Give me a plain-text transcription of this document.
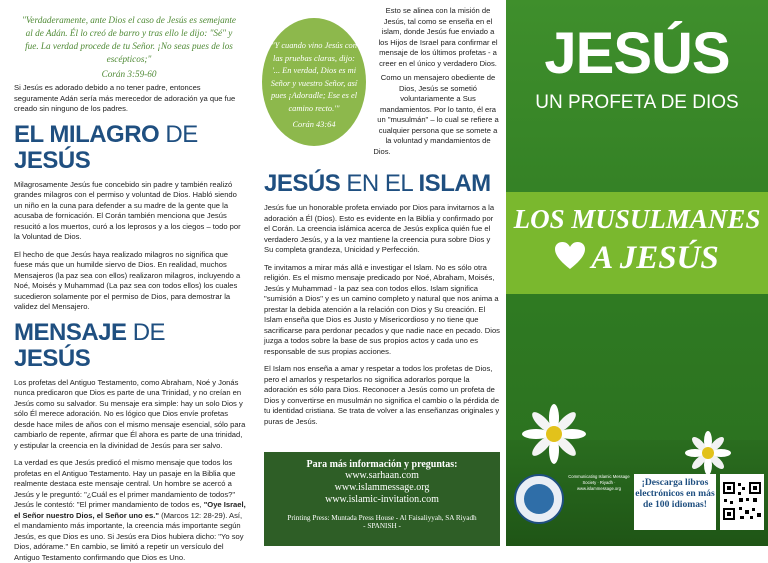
"Verdaderamente, ante Dios el caso de Jesús es semejante al de Adán. Él lo creó de barro y tras ello le dijo: "Sé" y fue. La verdad procede de tu Señor. ¡No seas pues de los escépticos;"
Corán 3:59-60

Si Jesús es adorado debido a no tener padre, entonces seguramente Adán sería más merecedor de adoración ya que fue creado sin ninguno de los padres.

EL MILAGRO DE JESÚS

Milagrosamente Jesús fue concebido sin padre y también realizó grandes milagros con el permiso y voluntad de Dios. Habló siendo un niño en la cuna para defender a su madre de la gente que la acusaba de fornicación. El Corán también menciona que Jesús resucitó a los muertos, curó a los leprosos y a los ciegos – todo por la Voluntad de Dios.

El hecho de que Jesús haya realizado milagros no significa que fuese más que un humilde siervo de Dios. En realidad, muchos Mensajeros (la paz sea con ellos) realizaron milagros, incluyendo a Noé, Moisés y Muhammad (La paz sea con todos ellos) los cuales sucedieron solamente por el permiso de Dios, para demostrar la validez del Mensajero.

MENSAJE DE JESÚS

Los profetas del Antiguo Testamento, como Abraham, Noé y Jonás nunca predicaron que Dios es parte de una Trinidad, y no creían en Jesús como su salvador. Su mensaje era simple: hay un solo Dios y sólo Él merece adoración. No es lógico que Dios envíe profetas desde hace miles de años con el mismo mensaje esencial, sólo para cambiarlo de repente, afirmar que Él ahora es parte de una trinidad, y estipular la creencia en la divinidad de Jesús para ser salvo.

La verdad es que Jesús predicó el mismo mensaje que todos los profetas en el Antiguo Testamento. Hay un pasaje en la Biblia que realmente destaca este mensaje central. Un hombre se acercó a Jesús y le preguntó: "¿Cuál es el primer mandamiento de todos?" Jesús le contestó: "El primer mandamiento de todos es, "Oye Israel, el Señor nuestro Dios, el Señor uno es." (Marcos 12: 28-29). Así, el mandamiento más importante, la creencia más importante según Jesús, es que Dios es uno. Si Jesús era Dios hubiera dicho: "Yo soy Dios, adórame." En cambio, se limitó a repetir un versículo del Antiguo Testamento confirmando que Dios es Uno.

Esto se alinea con la misión de Jesús, tal como se enseña en el islam, donde Jesús fue enviado a los Hijos de Israel para confirmar el mensaje de los últimos profetas - a creer en el único y verdadero Dios.

Como un mensajero obediente de Dios, Jesús se sometió voluntariamente a Sus mandamientos. Por lo tanto, él era un "musulmán" – lo cual se refiere a cualquier persona que se somete a la voluntad y mandamientos de Dios.

JESÚS EN EL ISLAM

Jesús fue un honorable profeta enviado por Dios para invitarnos a la adoración a Él (Dios). Esto es evidente en la Biblia y confirmado por el Corán. La creencia islámica acerca de Jesús explica quién fue el verdadero Jesús, y a la vez mantiene la creencia pura sobre Dios y Su completa grandeza, Unicidad y Perfección.

Te invitamos a mirar más allá e investigar el Islam. No es sólo otra religión. Es el mismo mensaje predicado por Noé, Abraham, Moisés, Jesús y Muhammad - la paz sea con todos ellos. Islam significa "sumisión a Dios" y es un camino completo y natural que nos anima a prestar la debida atención a la relación con Dios y Su creación. El Islam enseña que Dios es Justo y Misericordioso y no tiene que sacrificarse para perdonar pecados y que nadie nace en pecado. Dios juzga a todos sobre la base de sus propios actos y cada uno es responsable de sus propias acciones.

El Islam nos enseña a amar y respetar a todos los profetas de Dios, pero el amarlos y respetarlos no significa adorarlos porque la adoración es sólo para Dios. Reconocer a Jesús como un profeta de Dios y convertirse en musulmán no significa el cambio o la pérdida de tu identidad cristiana. Se trata de volver a las enseñanzas originales y puras de Jesús.

"Y cuando vino Jesús con las pruebas claras, dijo: '... En verdad, Dios es mi Señor y vuestro Señor, así pues ¡Adoradle; Ese es el camino recto.'"
Corán 43:64
Para más información y preguntas:
www.sarhaan.com
www.islammessage.org
www.islamic-invitation.com
Printing Press: Muntada Press House - Al Faisaliyyah, SA Riyadh
- SPANISH -
JESÚS
UN PROFETA DE DIOS
LOS MUSULMANES
A JESÚS
Communicating Islamic Message Society · Riyadh · www.islammessage.org
¡Descarga libros electrónicos en más de 100 idiomas!
